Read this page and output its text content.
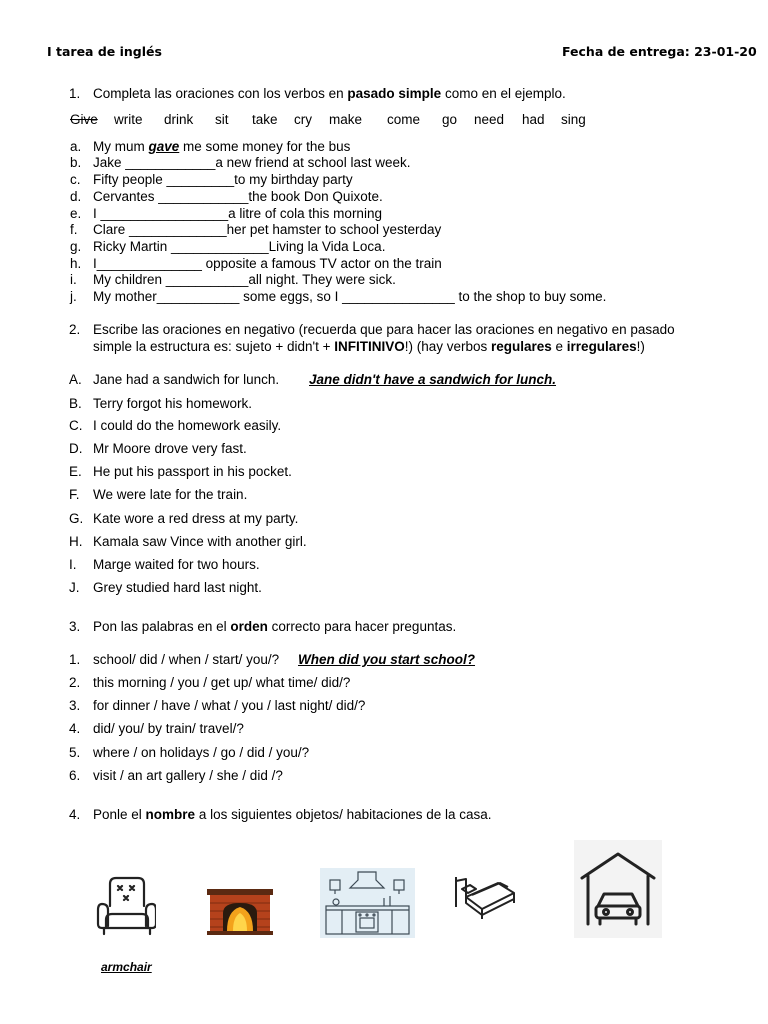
I tarea de inglés	Fecha de entrega: 23-01-20
1. Completa las oraciones con los verbos en pasado simple como en el ejemplo.
Give write drink sit take cry make come go need had sing
a. My mum gave me some money for the bus
b. Jake ____________a new friend at school last week.
c. Fifty people _________to my birthday party
d. Cervantes ____________the book Don Quixote.
e. I _________________a litre of cola this morning
f.	Clare _____________her pet hamster to school yesterday
g. Ricky Martin _____________Living la Vida Loca.
h. I______________ opposite a famous TV actor on the train
i.	My children ___________all night. They were sick.
j.	My mother___________ some eggs, so I _______________ to the shop to buy some.
2. Escribe las oraciones en negativo (recuerda que para hacer las oraciones en negativo en pasado
simple la estructura es: sujeto + didn't + INFITINIVO!) (hay verbos regulares e irregulares!)
A. Jane had a sandwich for lunch. Jane didn't have a sandwich for lunch.
B. Terry forgot his homework.
C. I could do the homework easily.
D. Mr Moore drove very fast.
E. He put his passport in his pocket.
F. We were late for the train.
G. Kate wore a red dress at my party.
H. Kamala saw Vince with another girl.
I.	Marge waited for two hours.
J. Grey studied hard last night.
3. Pon las palabras en el orden correcto para hacer preguntas.
1. school/ did / when / start/ you/? When did you start school?
2. this morning / you / get up/ what time/ did/?
3. for dinner / have / what / you / last night/ did/?
4. did/ you/ by train/ travel/?
5. where / on holidays / go / did / you/?
6. visit / an art gallery / she / did /?
4. Ponle el nombre a los siguientes objetos/ habitaciones de la casa.
armchair
